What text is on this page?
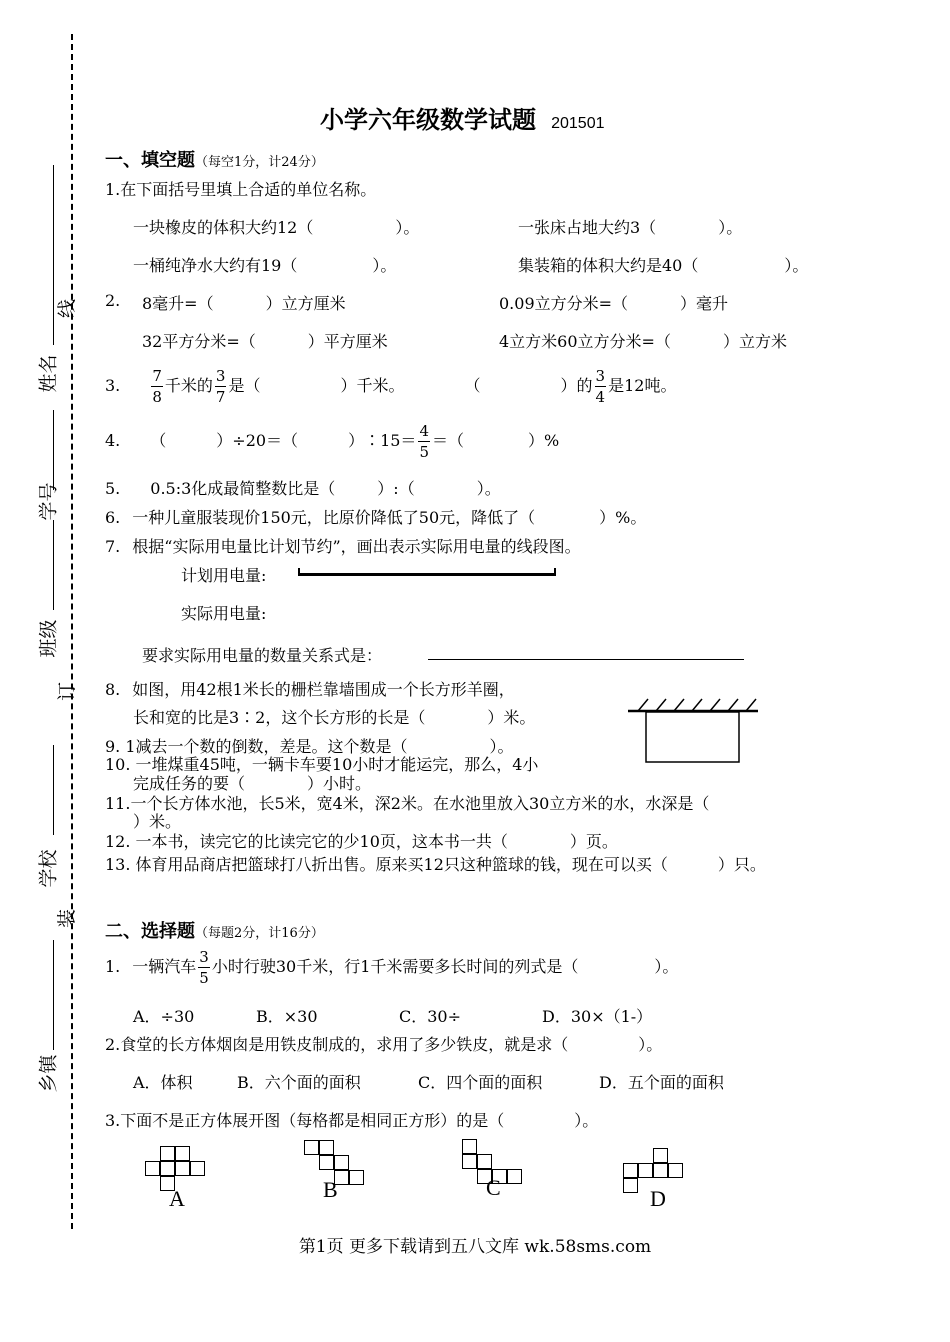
乡镇
装
学校
订
班级
学号
姓名
线
小学六年级数学试题 201501
一、填空题（每空1分，计24分）
1.在下面括号里填上合适的单位名称。
一块橡皮的体积大约12（	）。	一张床占地大约3（	）。
一桶纯净水大约有19（	）。	集装箱的体积大约是40（	）。
2. 8毫升=（	）立方厘米	0.09立方分米=（	）毫升
32平方分米=（	）平方厘米	4立方米60立方分米=（	）立方米
3. $\frac{7}{8}$ 千米的 $\frac{3}{7}$ 是（	）千米。	（	）的 $\frac{3}{4}$ 是12吨。
4. （	）÷20＝（	）∶15＝ $\frac{4}{5}$ ＝（	）%
5. 0.5:3化成最简整数比是（	）:（	）。
6. 一种儿童服装现价150元，比原价降低了50元，降低了（	）%。
7. 根据“实际用电量比计划节约”，画出表示实际用电量的线段图。
计划用电量:
实际用电量:
要求实际用电量的数量关系式是：
8. 如图，用42根1米长的栅栏靠墙围成一个长方形羊圈，
长和宽的比是3∶2，这个长方形的长是（	）米。
9. 1减去一个数的倒数，差是。这个数是（	）。
10. 一堆煤重45吨，一辆卡车要10小时才能运完，那么，4小
完成任务的要（	）小时。
11.一个长方体水池，长5米，宽4米，深2米。在水池里放入30立方米的水，水深是（
）米。
12. 一本书，读完它的比读完它的少10页，这本书一共（	）页。
13. 体育用品商店把篮球打八折出售。原来买12只这种篮球的钱，现在可以买（	）只。
二、选择题（每题2分，计16分）
1. 一辆汽车 $\frac{3}{5}$ 小时行驶30千米，行1千米需要多长时间的列式是（	）。
A．÷30	B．×30	C．30÷	D．30×（1-）
2.食堂的长方体烟囱是用铁皮制成的，求用了多少铁皮，就是求（	）。
A．体积	B．六个面的面积	C．四个面的面积	D．五个面的面积
3.下面不是正方体展开图（每格都是相同正方形）的是（	）。
A	B	C	D
第1页 更多下载请到五八文库 wk.58sms.com
